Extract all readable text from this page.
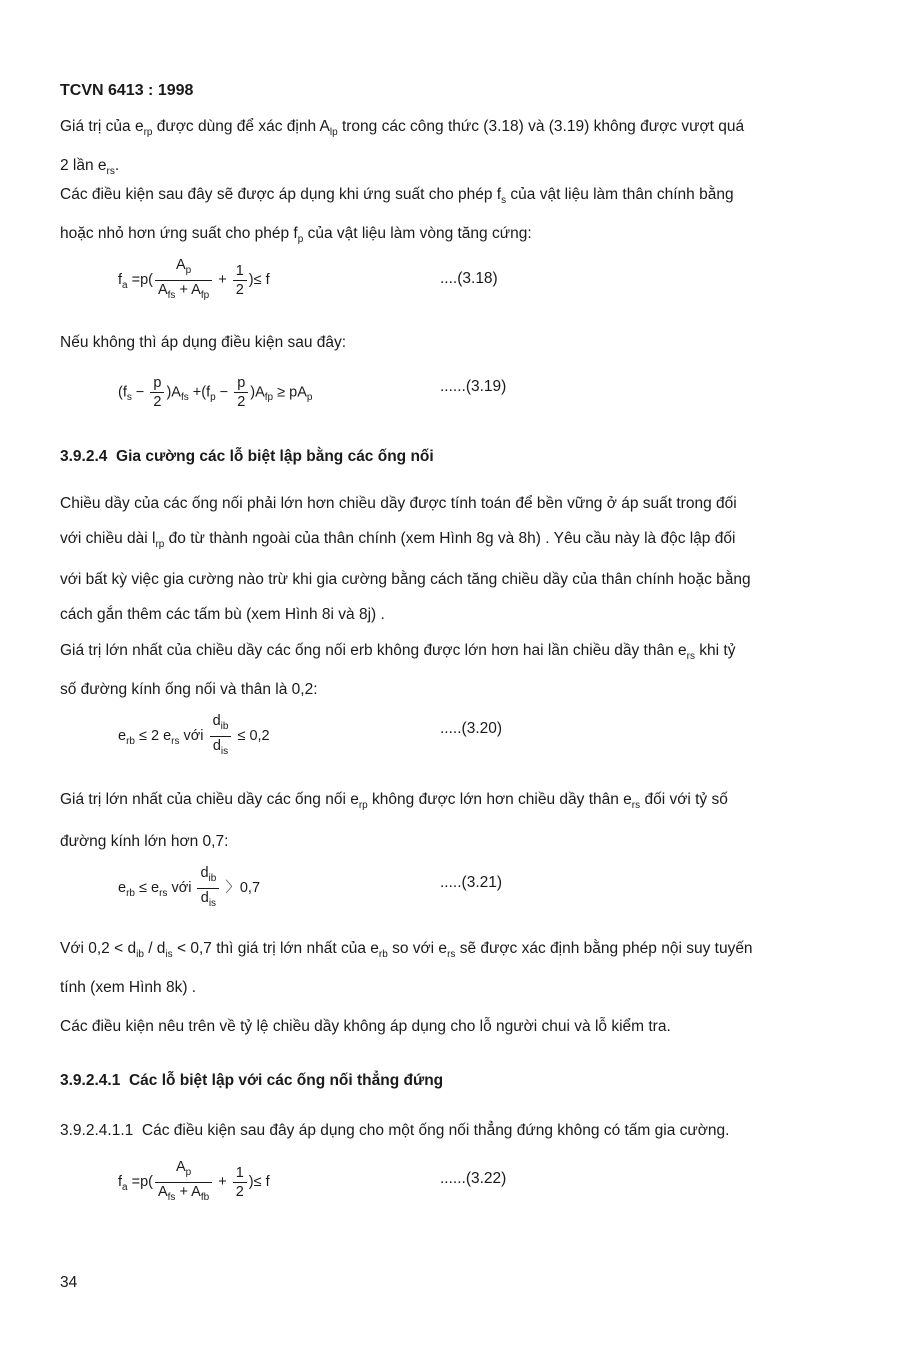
TCVN 6413 : 1998
Giá trị của $e_{rp}$ được dùng để xác định $A_{lp}$ trong các công thức (3.18) và (3.19) không được vượt quá
2 lần $e_{rs}$.
Các điều kiện sau đây sẽ được áp dụng khi ứng suất cho phép $f_s$ của vật liệu làm thân chính bằng
hoặc nhỏ hơn ứng suất cho phép $f_p$ của vật liệu làm vòng tăng cứng:
$f_a =p( \frac{A_p}{A_{fs} + A_{fp}} + \frac{1}{2}$ )≤ f	....(3.18)
Nếu không thì áp dụng điều kiện sau đây:
$(f_s - \frac{p}{2} )A_{fs} +(f_p - \frac{p}{2} )A_{fp} \ge pA_p$
......(3.19)
3.9.2.4 Gia cường các lỗ biệt lập bằng các ống nối
Chiều dầy của các ống nối phải lớn hơn chiều dầy được tính toán để bền vững ở áp suất trong đối
với chiều dài $l_{rp}$ đo từ thành ngoài của thân chính (xem Hình 8g và 8h) . Yêu cầu này là độc lập đối
với bất kỳ việc gia cường nào trừ khi gia cường bằng cách tăng chiều dầy của thân chính hoặc bằng
cách gắn thêm các tấm bù (xem Hình 8i và 8j) .
Giá trị lớn nhất của chiều dầy các ống nối erb không được lớn hơn hai lần chiều dầy thân $e_{rs}$ khi tỷ
số đường kính ống nối và thân là 0,2:
$e_{rb} \le 2$ $e_{rs}$ với $\frac{d_{ib}}{d_{is}} \le 0,2$	.....(3.20)
Giá trị lớn nhất của chiều dầy các ống nối $e_{rp}$ không được lớn hơn chiều dầy thân $e_{rs}$ đối với tỷ số
đường kính lớn hơn 0,7:
$e_{rb} \le e_{rs}$ với $\frac{d_{ib}}{d_{is}}$ 〉0,7	.....(3.21)
Với $0,2 < d_{ib} / d_{is} < 0,7$ thì giá trị lớn nhất của $e_{rb}$ so với $e_{rs}$ sẽ được xác định bằng phép nội suy tuyến
tính (xem Hình 8k) .
Các điều kiện nêu trên về tỷ lệ chiều dầy không áp dụng cho lỗ người chui và lỗ kiểm tra.
3.9.2.4.1 Các lỗ biệt lập với các ống nối thẳng đứng
3.9.2.4.1.1 Các điều kiện sau đây áp dụng cho một ống nối thẳng đứng không có tấm gia cường.
$f_a =p( \frac{A_p}{A_{fs} + A_{fb}} + \frac{1}{2}$ )≤ f	......(3.22)
34
